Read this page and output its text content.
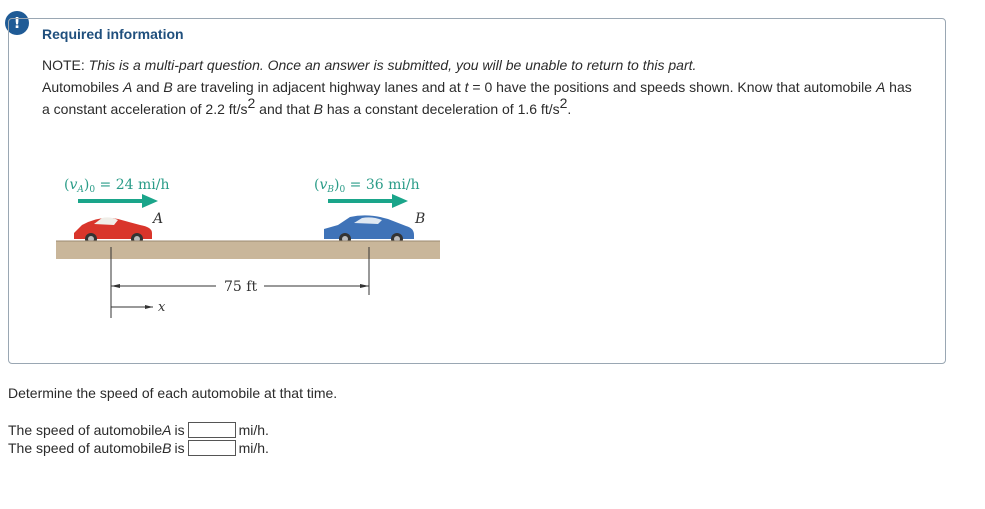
!
Required information

NOTE: This is a multi-part question. Once an answer is submitted, you will be unable to return to this part.

Automobiles A and B are traveling in adjacent highway lanes and at t = 0 have the positions and speeds shown. Know that automobile A has a constant acceleration of 2.2 $ft/s^2$ and that B has a constant deceleration of 1.6 $ft/s^2$.

$(v_A)_0 = 24$ mi/h	$(v_B)_0 = 36$ mi/h
A	B
75 ft
x
Determine the speed of each automobile at that time.
The speed of automobile A is	mi/h.
The speed of automobile B is	mi/h.
